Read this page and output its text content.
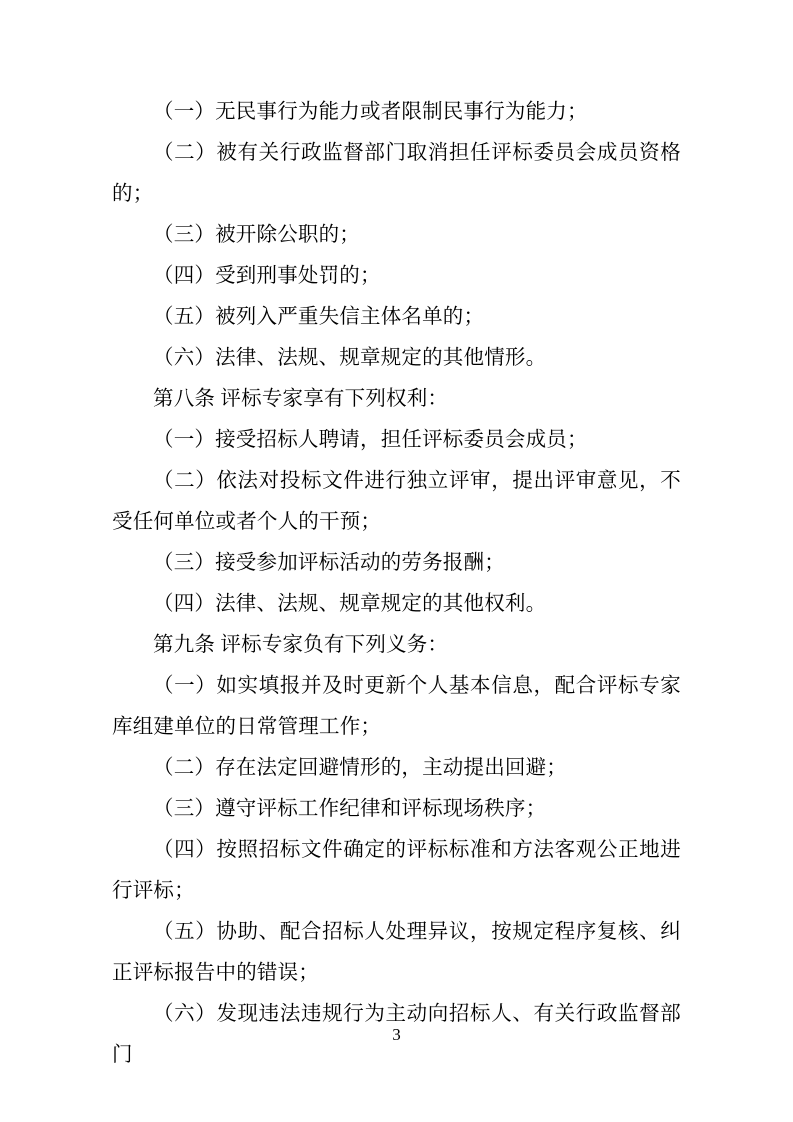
（一）无民事行为能力或者限制民事行为能力；

（二）被有关行政监督部门取消担任评标委员会成员资格的；

（三）被开除公职的；

（四）受到刑事处罚的；

（五）被列入严重失信主体名单的；

（六）法律、法规、规章规定的其他情形。

第八条 评标专家享有下列权利：

（一）接受招标人聘请，担任评标委员会成员；

（二）依法对投标文件进行独立评审，提出评审意见，不受任何单位或者个人的干预；

（三）接受参加评标活动的劳务报酬；

（四）法律、法规、规章规定的其他权利。

第九条 评标专家负有下列义务：

（一）如实填报并及时更新个人基本信息，配合评标专家库组建单位的日常管理工作；

（二）存在法定回避情形的，主动提出回避；

（三）遵守评标工作纪律和评标现场秩序；

（四）按照招标文件确定的评标标准和方法客观公正地进行评标；

（五）协助、配合招标人处理异议，按规定程序复核、纠正评标报告中的错误；

（六）发现违法违规行为主动向招标人、有关行政监督部门

3
